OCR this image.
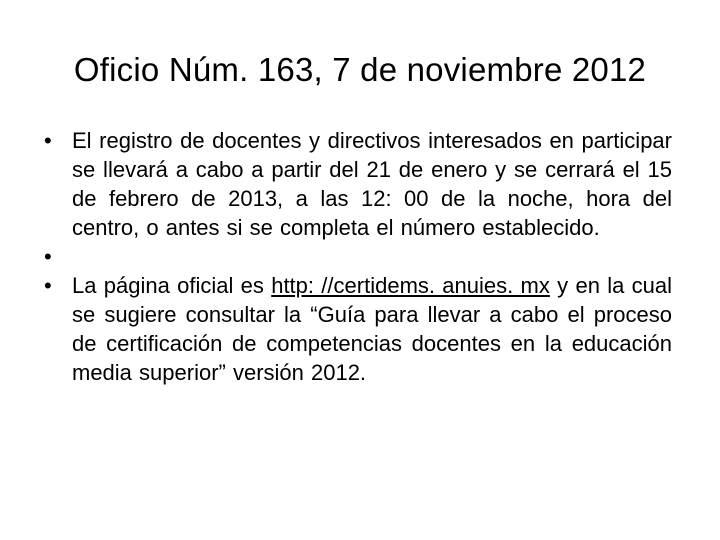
Oficio Núm. 163, 7 de noviembre 2012
• El registro de docentes y directivos interesados en participar se llevará a cabo a partir del 21 de enero y se cerrará el 15 de febrero de 2013, a las 12: 00 de la noche, hora del centro, o antes si se completa el número establecido.
•
• La página oficial es http: //certidems. anuies. mx y en la cual se sugiere consultar la “Guía para llevar a cabo el proceso de certificación de competencias docentes en la educación media superior” versión 2012.
